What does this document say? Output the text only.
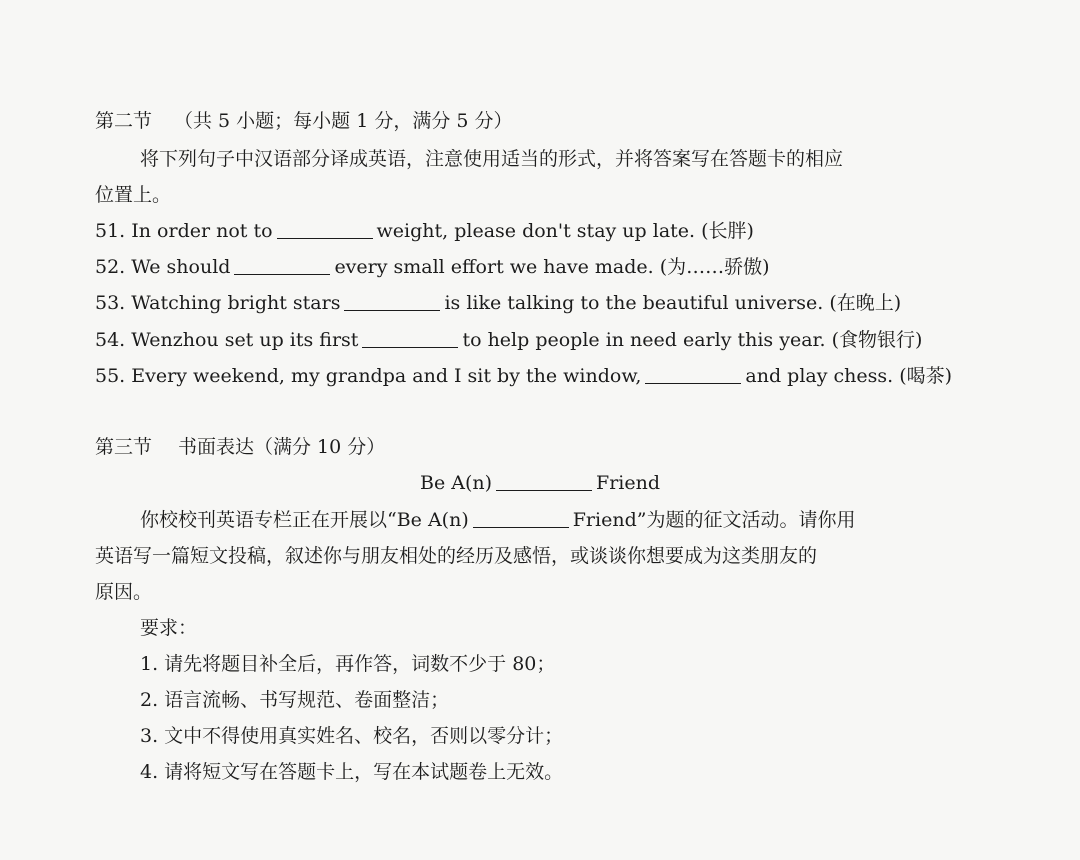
第二节 （共 5 小题；每小题 1 分，满分 5 分）
将下列句子中汉语部分译成英语，注意使用适当的形式，并将答案写在答题卡的相应
位置上。
51. In order not to	weight, please don't stay up late. (长胖)
52. We should	every small effort we have made. (为……骄傲)
53. Watching bright stars	is like talking to the beautiful universe. (在晚上)
54. Wenzhou set up its first	to help people in need early this year. (食物银行)
55. Every weekend, my grandpa and I sit by the window,	and play chess. (喝茶)
第三节 书面表达（满分 10 分）
Be A(n)	Friend
你校校刊英语专栏正在开展以“Be A(n)	Friend”为题的征文活动。请你用
英语写一篇短文投稿，叙述你与朋友相处的经历及感悟，或谈谈你想要成为这类朋友的
原因。
要求：
1. 请先将题目补全后，再作答，词数不少于 80；
2. 语言流畅、书写规范、卷面整洁；
3. 文中不得使用真实姓名、校名，否则以零分计；
4. 请将短文写在答题卡上，写在本试题卷上无效。
